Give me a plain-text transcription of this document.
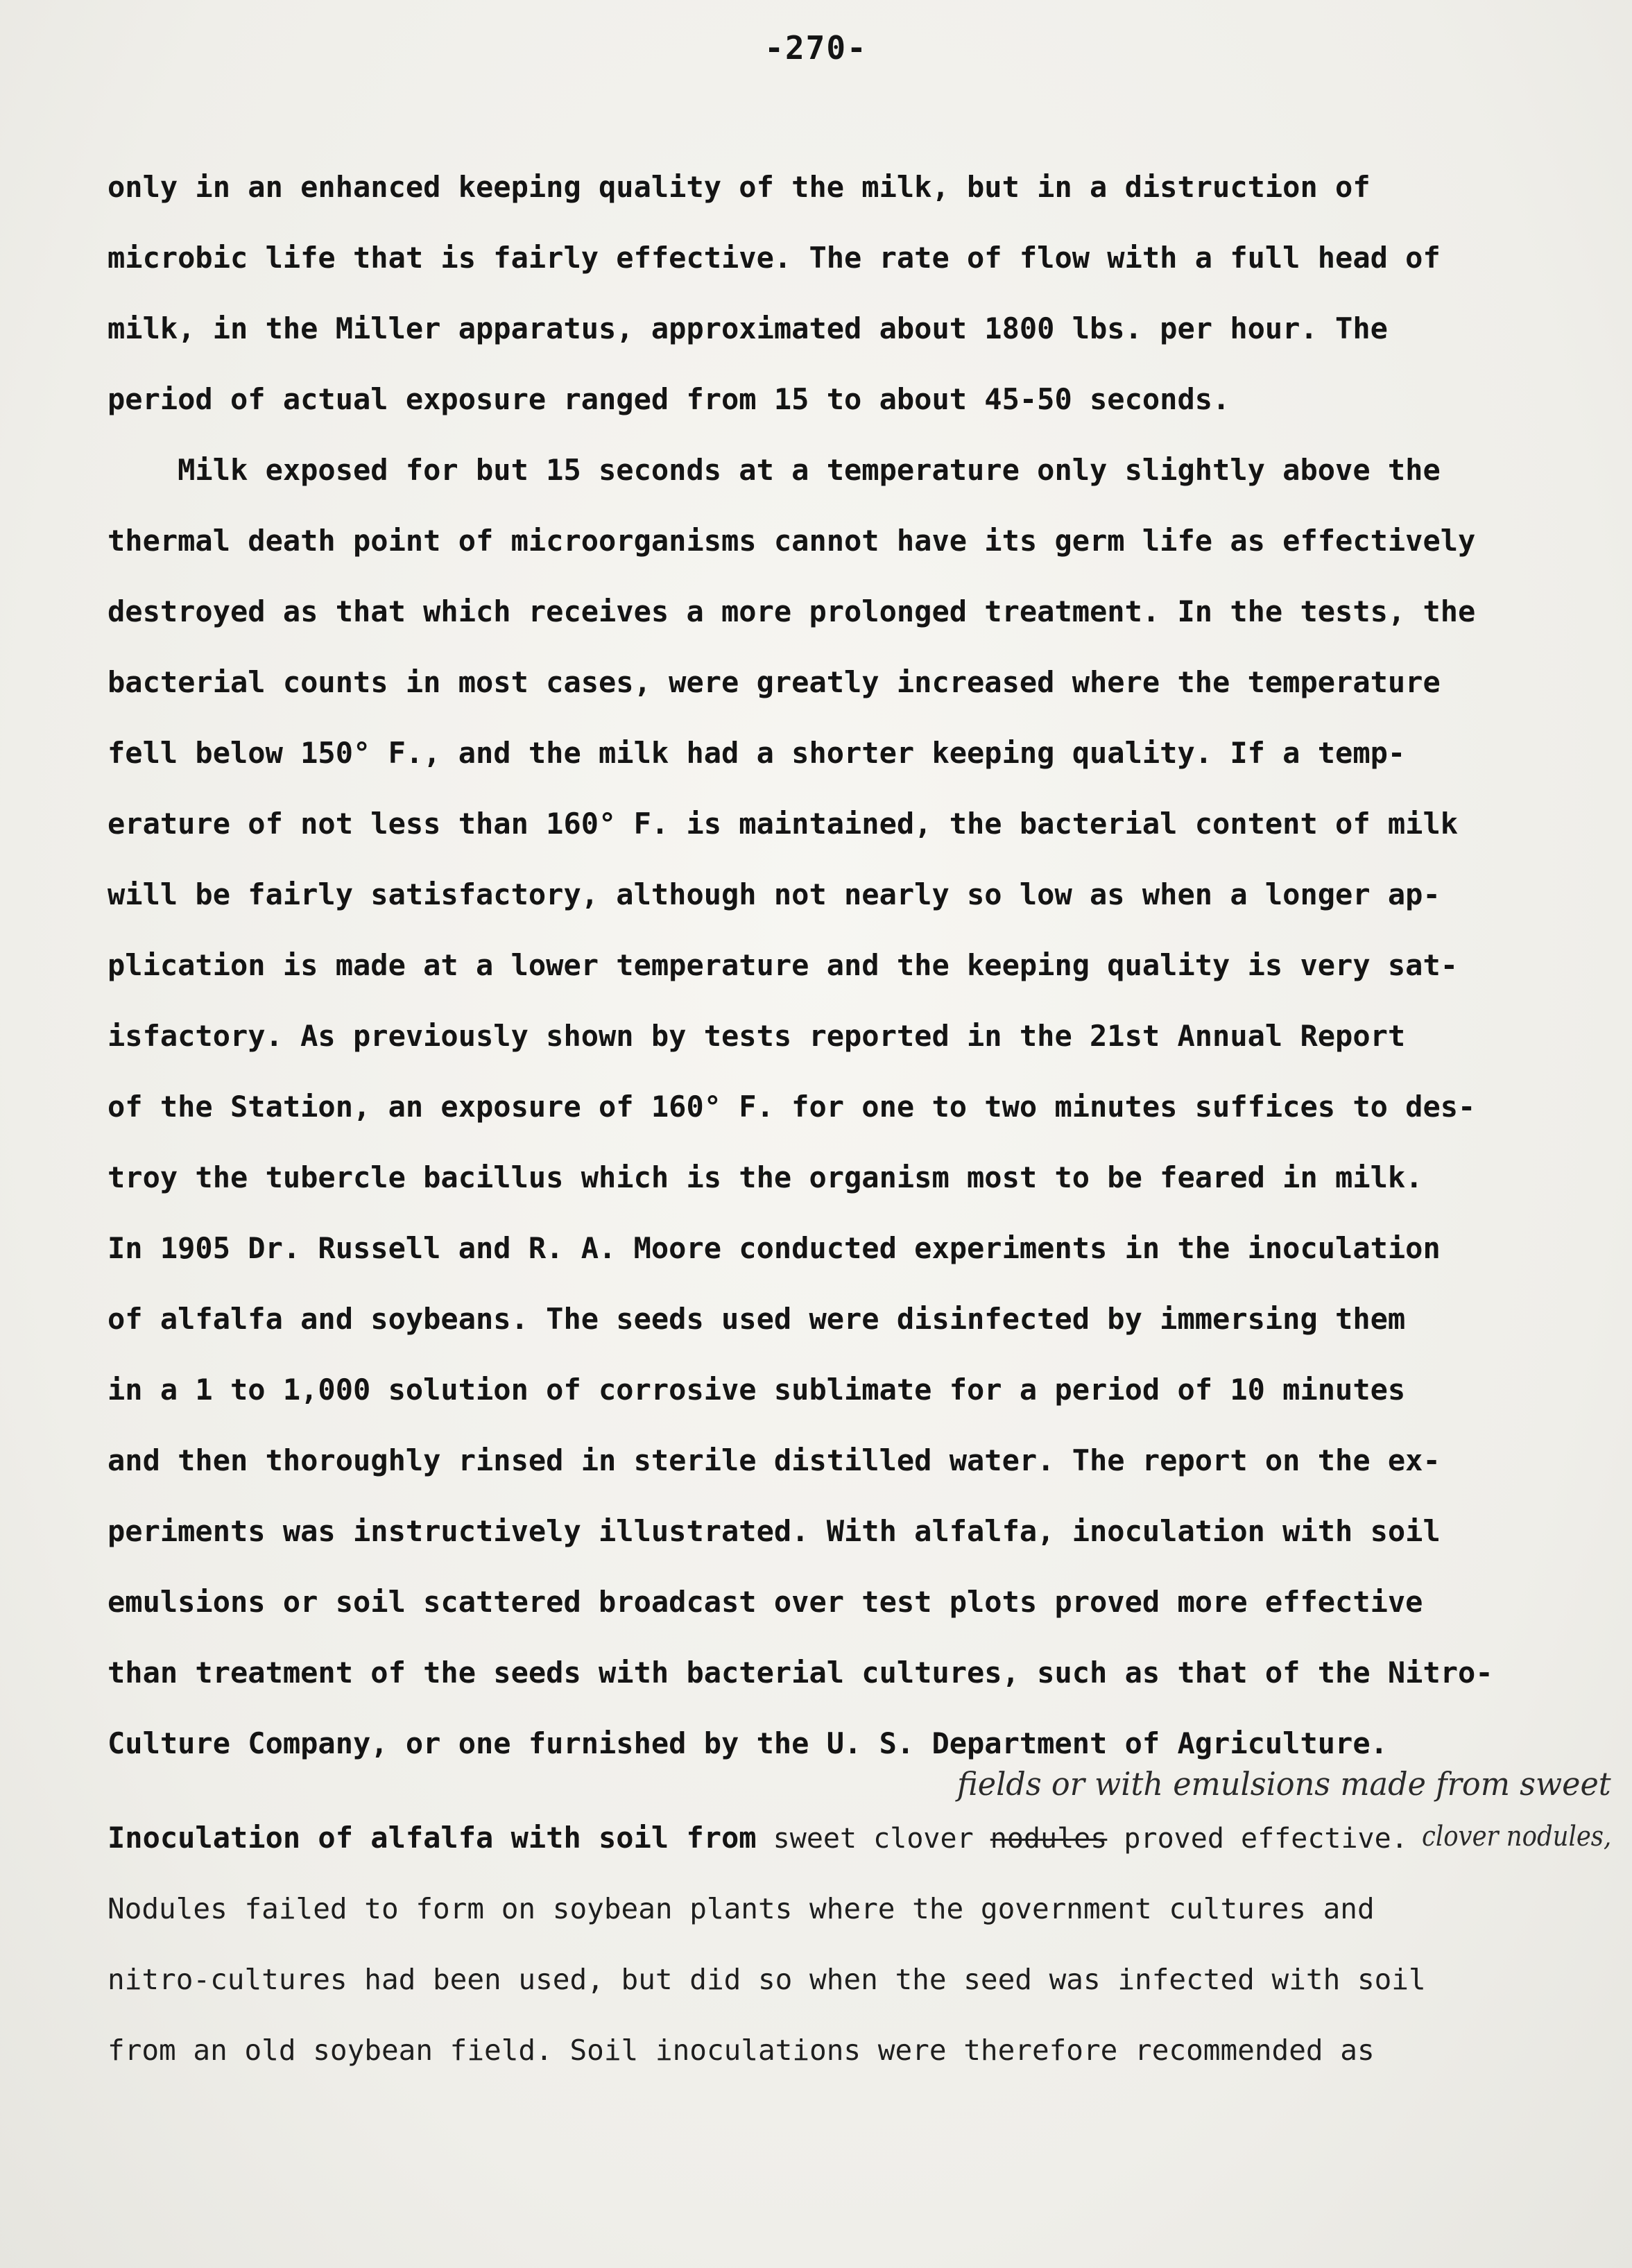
-270-
only in an enhanced keeping quality of the milk, but in a distruction of
microbic life that is fairly effective. The rate of flow with a full head of
milk, in the Miller apparatus, approximated about 1800 lbs. per hour. The
period of actual exposure ranged from 15 to about 45-50 seconds.
Milk exposed for but 15 seconds at a temperature only slightly above the
thermal death point of microorganisms cannot have its germ life as effectively
destroyed as that which receives a more prolonged treatment. In the tests, the
bacterial counts in most cases, were greatly increased where the temperature
fell below 150° F., and the milk had a shorter keeping quality. If a temp-
erature of not less than 160° F. is maintained, the bacterial content of milk
will be fairly satisfactory, although not nearly so low as when a longer ap-
plication is made at a lower temperature and the keeping quality is very sat-
isfactory. As previously shown by tests reported in the 21st Annual Report
of the Station, an exposure of 160° F. for one to two minutes suffices to des-
troy the tubercle bacillus which is the organism most to be feared in milk.
In 1905 Dr. Russell and R. A. Moore conducted experiments in the inoculation
of alfalfa and soybeans. The seeds used were disinfected by immersing them
in a 1 to 1,000 solution of corrosive sublimate for a period of 10 minutes
and then thoroughly rinsed in sterile distilled water. The report on the ex-
periments was instructively illustrated. With alfalfa, inoculation with soil
emulsions or soil scattered broadcast over test plots proved more effective
than treatment of the seeds with bacterial cultures, such as that of the Nitro-
Culture Company, or one furnished by the U. S. Department of Agriculture.
fields or with emulsions made from sweet
Inoculation of alfalfa with soil from sweet clover nodules proved effective. clover nodules,
Nodules failed to form on soybean plants where the government cultures and
nitro-cultures had been used, but did so when the seed was infected with soil
from an old soybean field. Soil inoculations were therefore recommended as
